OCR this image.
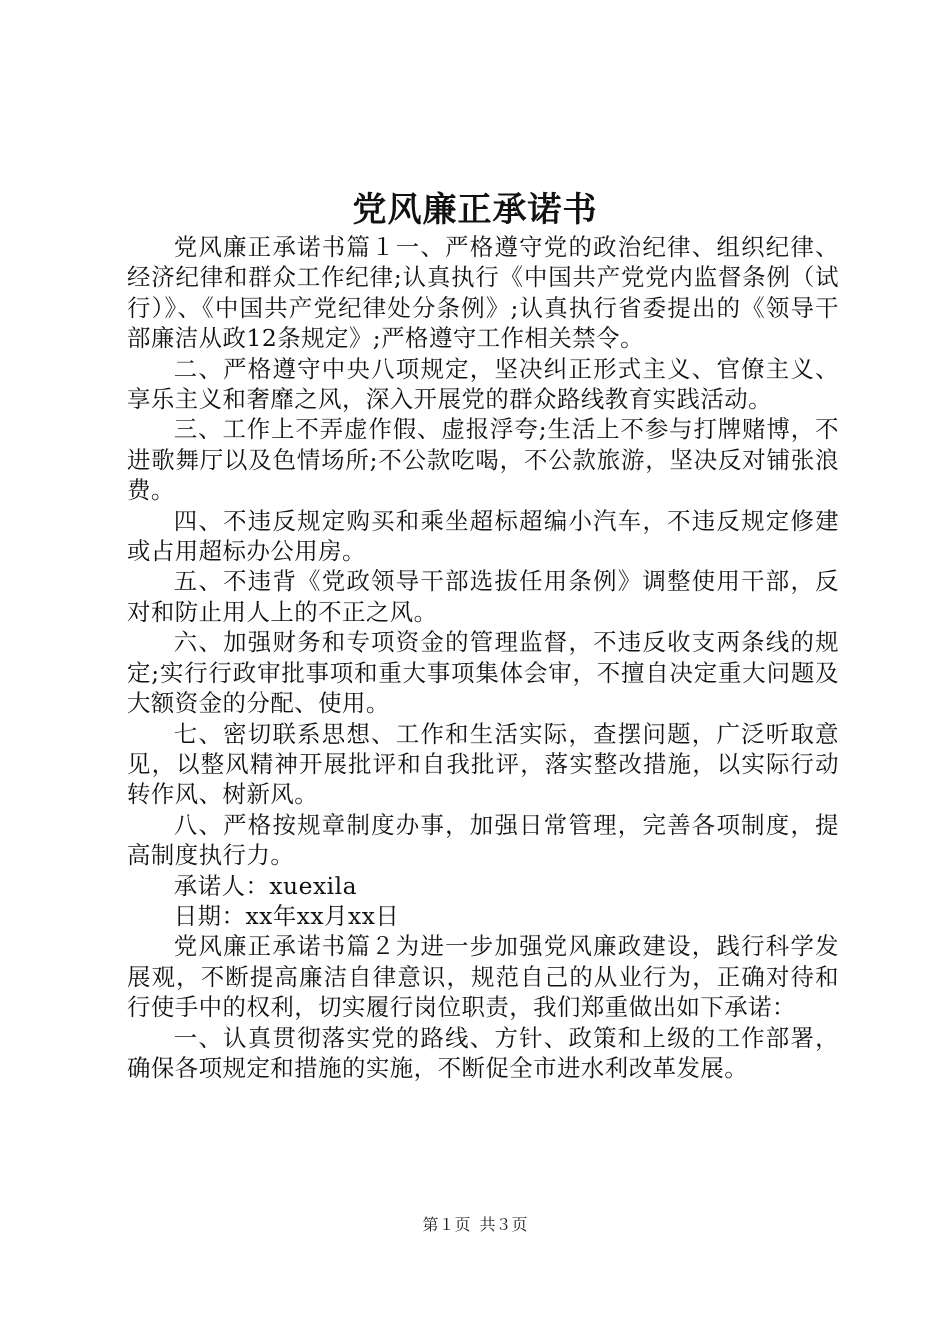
党风廉正承诺书

党风廉正承诺书篇１一、严格遵守党的政治纪律、组织纪律、经济纪律和群众工作纪律;认真执行《中国共产党党内监督条例（试行）》、《中国共产党纪律处分条例》;认真执行省委提出的《领导干部廉洁从政12条规定》;严格遵守工作相关禁令。

二、严格遵守中央八项规定，坚决纠正形式主义、官僚主义、享乐主义和奢靡之风，深入开展党的群众路线教育实践活动。

三、工作上不弄虚作假、虚报浮夸;生活上不参与打牌赌博，不进歌舞厅以及色情场所;不公款吃喝，不公款旅游，坚决反对铺张浪费。

四、不违反规定购买和乘坐超标超编小汽车，不违反规定修建或占用超标办公用房。

五、不违背《党政领导干部选拔任用条例》调整使用干部，反对和防止用人上的不正之风。

六、加强财务和专项资金的管理监督，不违反收支两条线的规定;实行行政审批事项和重大事项集体会审，不擅自决定重大问题及大额资金的分配、使用。

七、密切联系思想、工作和生活实际，查摆问题，广泛听取意见，以整风精神开展批评和自我批评，落实整改措施，以实际行动转作风、树新风。

八、严格按规章制度办事，加强日常管理，完善各项制度，提高制度执行力。

承诺人：xuexila

日期：xx年xx月xx日

党风廉正承诺书篇２为进一步加强党风廉政建设，践行科学发展观，不断提高廉洁自律意识，规范自己的从业行为，正确对待和行使手中的权利，切实履行岗位职责，我们郑重做出如下承诺：

一、认真贯彻落实党的路线、方针、政策和上级的工作部署，确保各项规定和措施的实施，不断促全市进水利改革发展。

第１页 共３页
